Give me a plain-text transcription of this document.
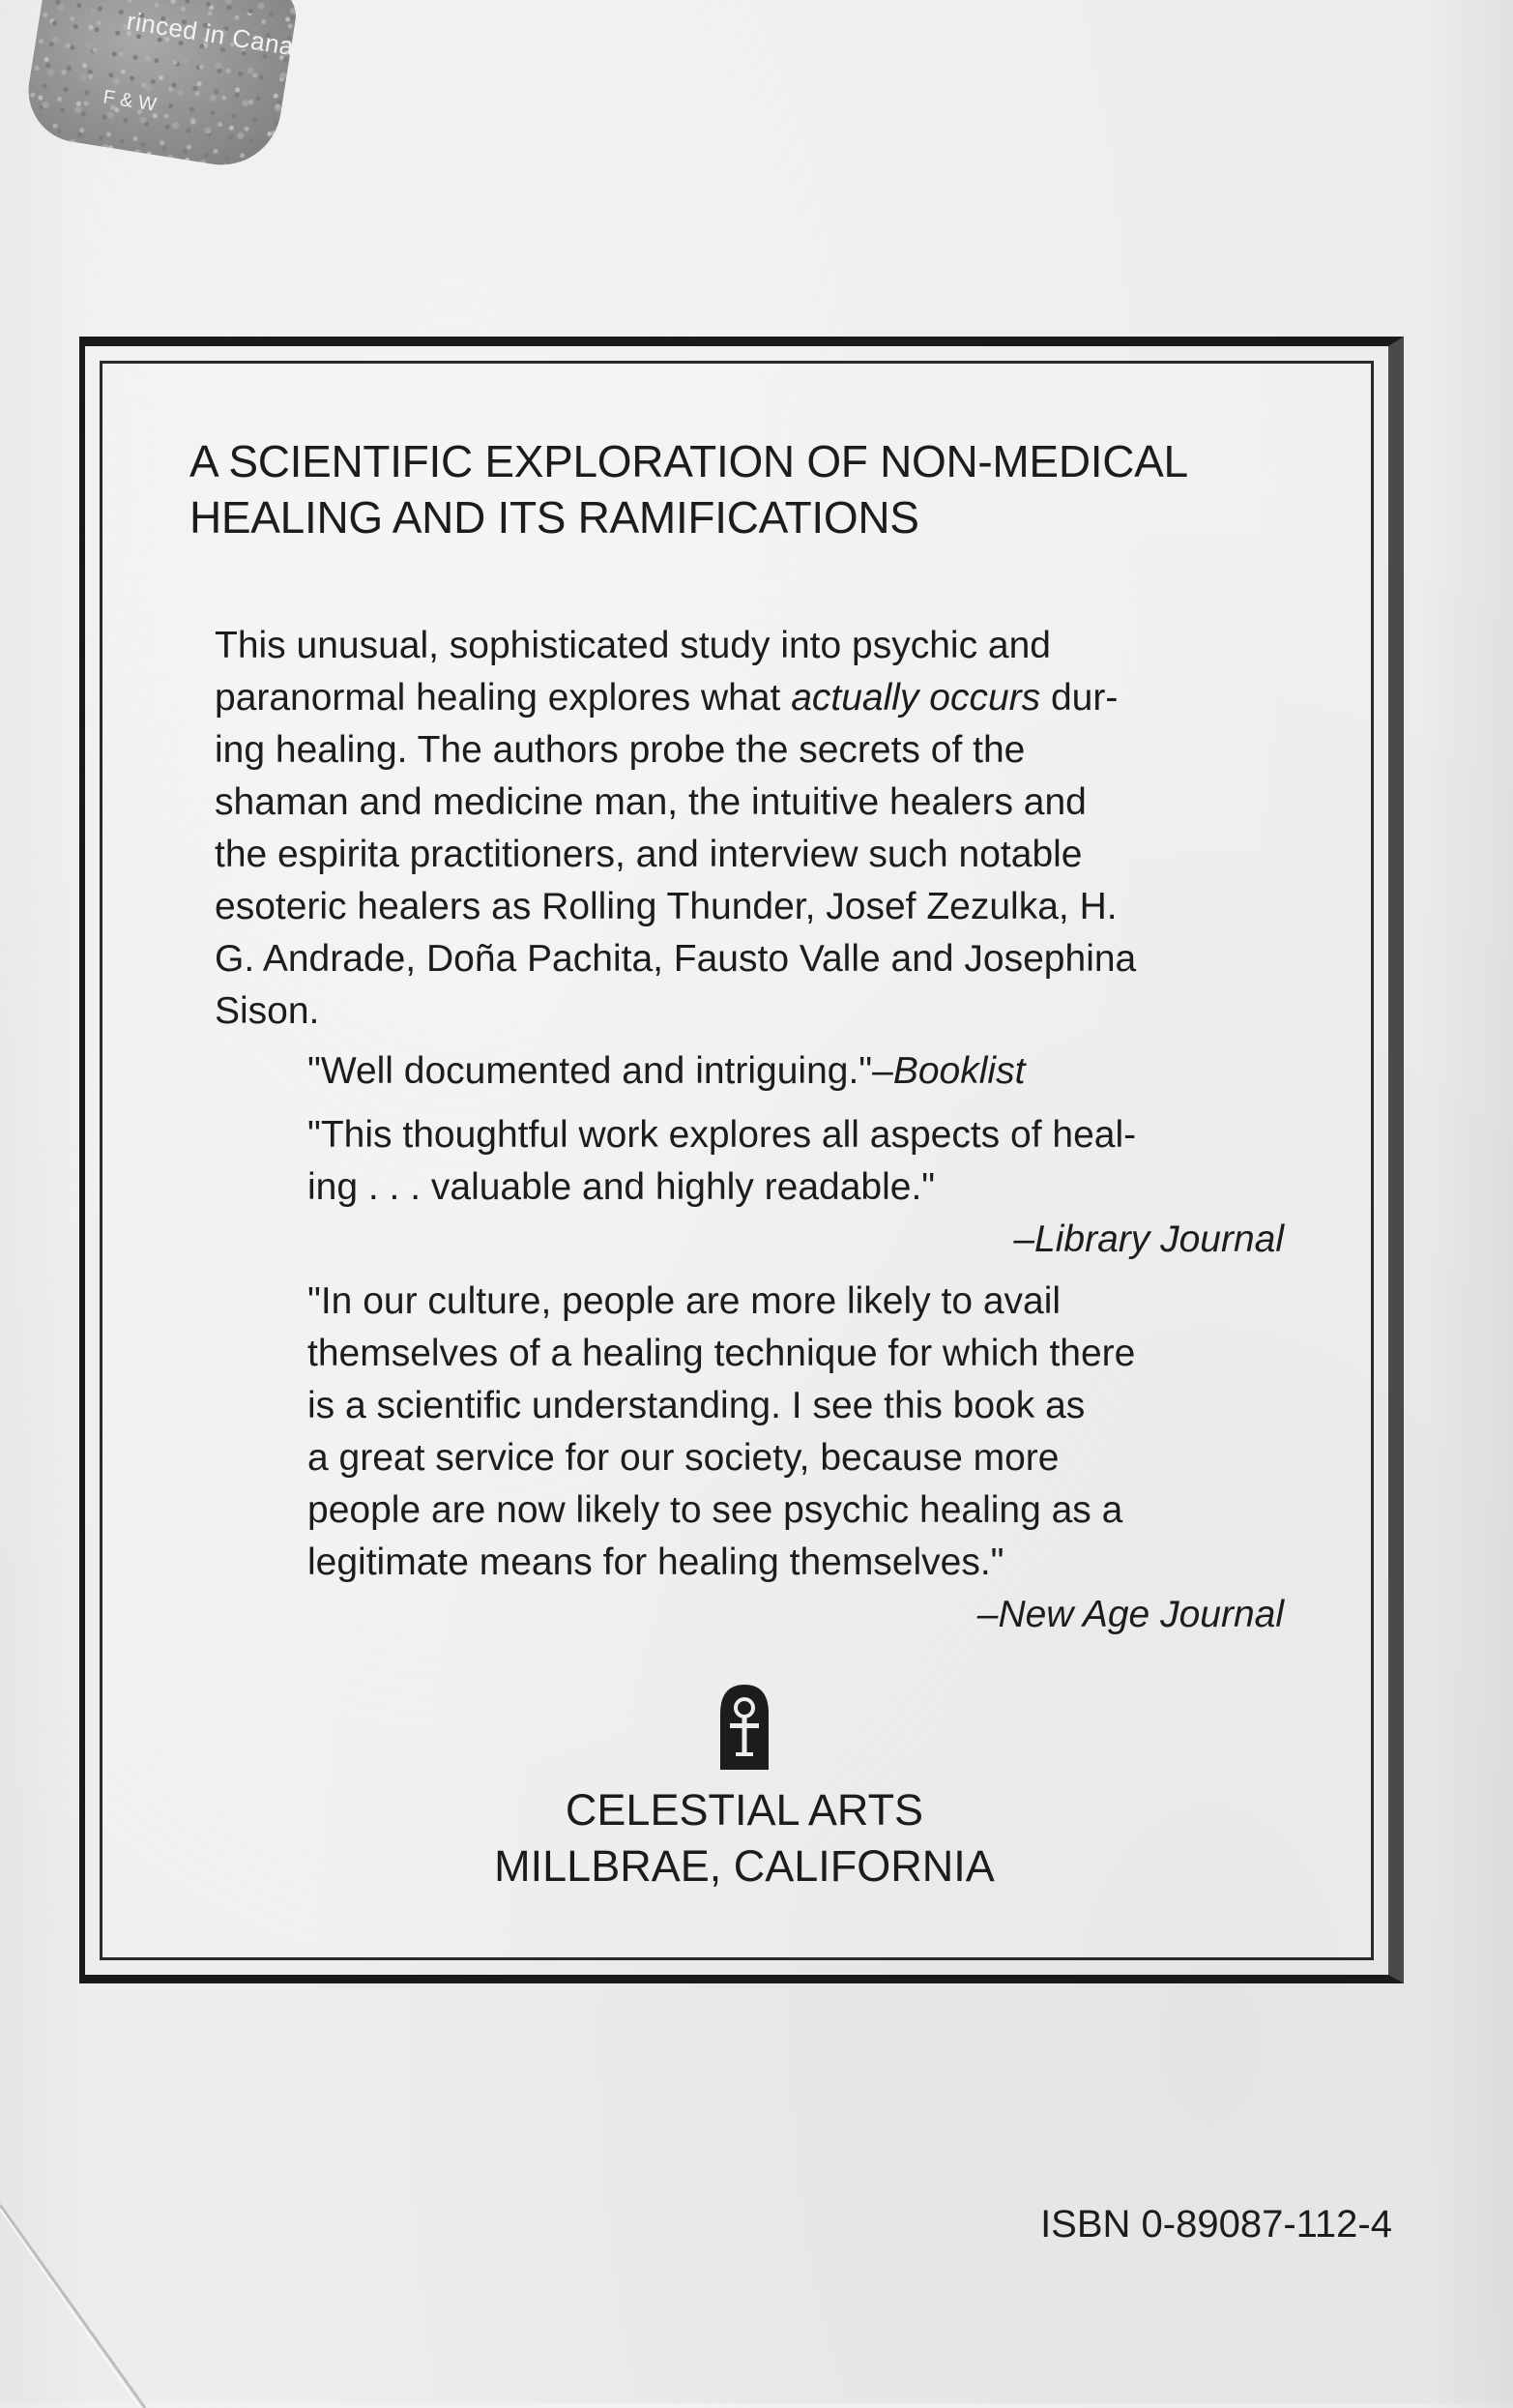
rinced in Canada
F & W
A SCIENTIFIC EXPLORATION OF NON-MEDICAL
HEALING AND ITS RAMIFICATIONS
This unusual, sophisticated study into psychic and
paranormal healing explores what actually occurs dur-
ing healing. The authors probe the secrets of the
shaman and medicine man, the intuitive healers and
the espirita practitioners, and interview such notable
esoteric healers as Rolling Thunder, Josef Zezulka, H.
G. Andrade, Doña Pachita, Fausto Valle and Josephina
Sison.
"Well documented and intriguing."–Booklist
"This thoughtful work explores all aspects of heal-
ing . . . valuable and highly readable."
–Library Journal
"In our culture, people are more likely to avail
themselves of a healing technique for which there
is a scientific understanding. I see this book as
a great service for our society, because more
people are now likely to see psychic healing as a
legitimate means for healing themselves."
–New Age Journal
CELESTIAL ARTS
MILLBRAE, CALIFORNIA
ISBN 0-89087-112-4
